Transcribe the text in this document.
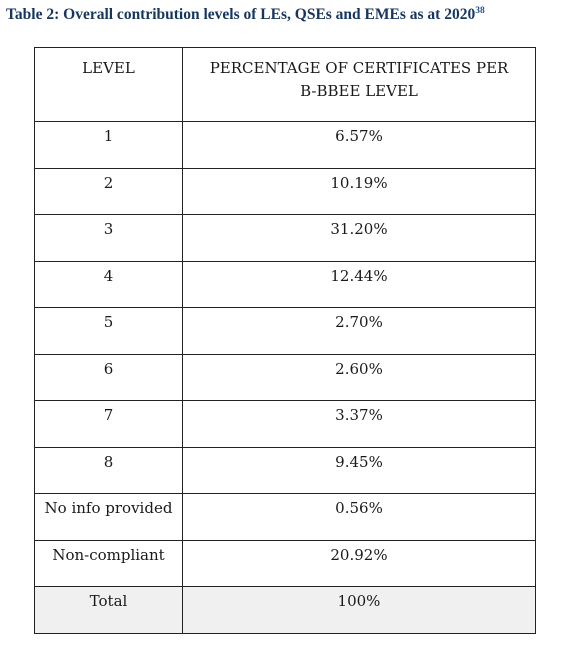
Table 2: Overall contribution levels of LEs, QSEs and EMEs as at 2020$^{38}$
LEVEL	PERCENTAGE OF CERTIFICATES PER
B-BBEE LEVEL

1	6.57%

2	10.19%

3	31.20%

4	12.44%

5	2.70%

6	2.60%

7	3.37%

8	9.45%

No info provided	0.56%

Non-compliant	20.92%

Total	100%
